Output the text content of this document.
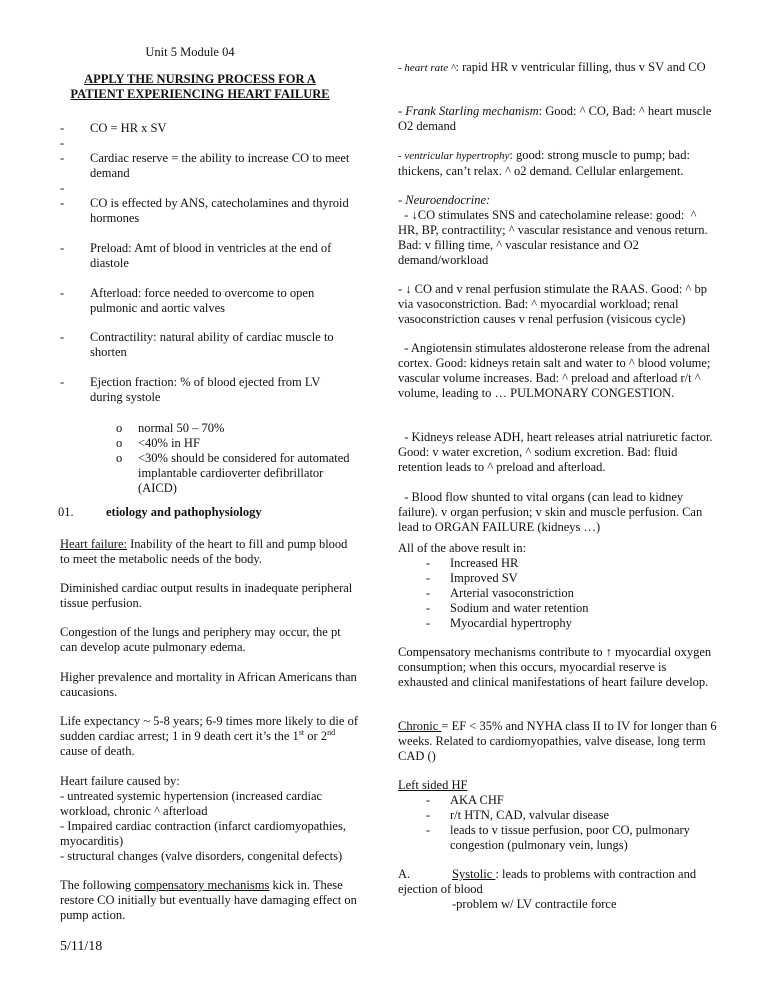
Unit 5 Module 04

APPLY THE NURSING PROCESS FOR A

PATIENT EXPERIENCING HEART FAILURE

- CO = HR x SV
-
- Cardiac reserve = the ability to increase CO to meet demand
-
- CO is effected by ANS, catecholamines and thyroid hormones
- Preload: Amt of blood in ventricles at the end of diastole
- Afterload: force needed to overcome to open pulmonic and aortic valves
- Contractility: natural ability of cardiac muscle to shorten
- Ejection fraction: % of blood ejected from LV during systole
o normal 50 – 70%
o <40% in HF
o <30% should be considered for automated implantable cardioverter defibrillator (AICD)

01.	etiology and pathophysiology

Heart failure: Inability of the heart to fill and pump blood to meet the metabolic needs of the body.

Diminished cardiac output results in inadequate peripheral tissue perfusion.

Congestion of the lungs and periphery may occur, the pt can develop acute pulmonary edema.

Higher prevalence and mortality in African Americans than caucasions.

Life expectancy ~ 5-8 years; 6-9 times more likely to die of sudden cardiac arrest; 1 in 9 death cert it’s the 1st or 2nd cause of death.

Heart failure caused by:

- untreated systemic hypertension (increased cardiac workload, chronic ^ afterload

- Impaired cardiac contraction (infarct cardiomyopathies, myocarditis)

- structural changes (valve disorders, congenital defects)

The following compensatory mechanisms kick in. These restore CO initially but eventually have damaging effect on pump action.

5/11/18

- heart rate ^: rapid HR v ventricular filling, thus v SV and CO

- Frank Starling mechanism: Good: ^ CO, Bad: ^ heart muscle O2 demand

- ventricular hypertrophy: good: strong muscle to pump; bad: thickens, can’t relax. ^ o2 demand. Cellular enlargement.

- Neuroendocrine:

- ↓CO stimulates SNS and catecholamine release: good:  ^ HR, BP, contractility; ^ vascular resistance and venous return. Bad: v filling time, ^ vascular resistance and O2 demand/workload

- ↓ CO and v renal perfusion stimulate the RAAS. Good: ^ bp via vasoconstriction. Bad: ^ myocardial workload; renal vasoconstriction causes v renal perfusion (visicous cycle)

- Angiotensin stimulates aldosterone release from the adrenal cortex. Good: kidneys retain salt and water to ^ blood volume; vascular volume increases. Bad: ^ preload and afterload r/t ^ volume, leading to … PULMONARY CONGESTION.

- Kidneys release ADH, heart releases atrial natriuretic factor. Good: v water excretion, ^ sodium excretion. Bad: fluid retention leads to ^ preload and afterload.

- Blood flow shunted to vital organs (can lead to kidney failure). v organ perfusion; v skin and muscle perfusion. Can lead to ORGAN FAILURE (kidneys …)

All of the above result in:

- Increased HR
- Improved SV
- Arterial vasoconstriction
- Sodium and water retention
- Myocardial hypertrophy

Compensatory mechanisms contribute to ↑ myocardial oxygen consumption; when this occurs, myocardial reserve is exhausted and clinical manifestations of heart failure develop.

Chronic = EF < 35% and NYHA class II to IV for longer than 6 weeks. Related to cardiomyopathies, valve disease, long term CAD ()

Left sided HF

- AKA CHF
- r/t HTN, CAD, valvular disease
- leads to v tissue perfusion, poor CO, pulmonary congestion (pulmonary vein, lungs)

A.	Systolic : leads to problems with contraction and ejection of blood

-problem w/ LV contractile force
